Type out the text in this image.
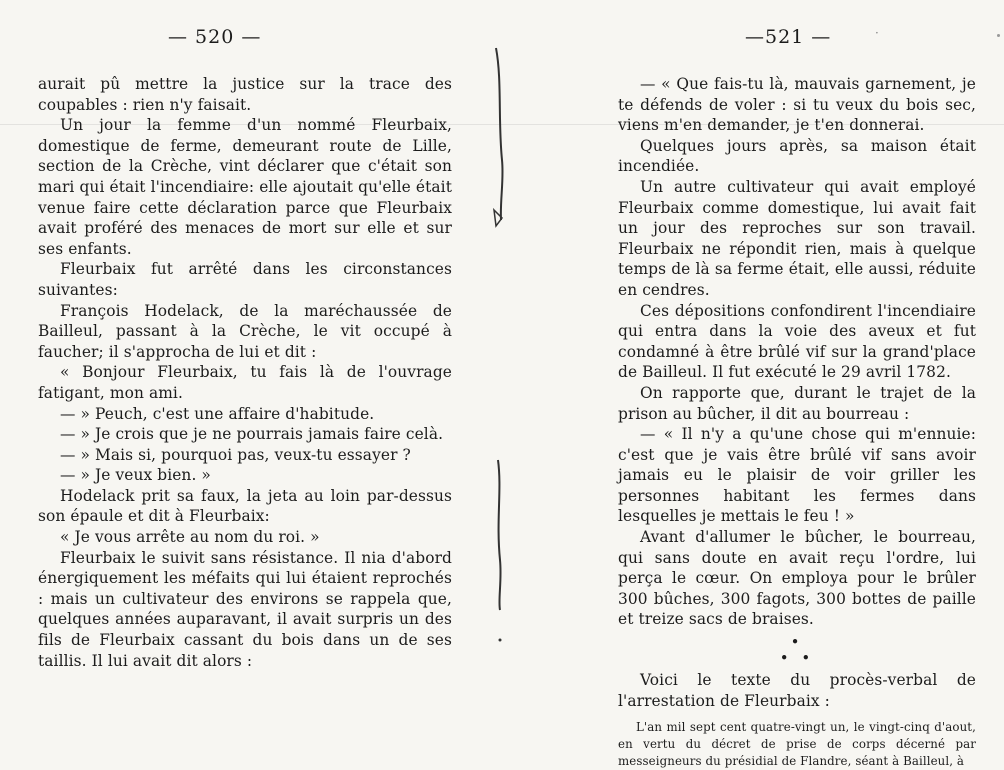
— 520 —

aurait pû mettre la justice sur la trace des coupables : rien n'y faisait.

Un jour la femme d'un nommé Fleurbaix, domestique de ferme, demeurant route de Lille, section de la Crèche, vint déclarer que c'était son mari qui était l'incendiaire: elle ajoutait qu'elle était venue faire cette déclaration parce que Fleurbaix avait proféré des menaces de mort sur elle et sur ses enfants.

Fleurbaix fut arrêté dans les circonstances suivantes:

François Hodelack, de la maréchaussée de Bailleul, passant à la Crèche, le vit occupé à faucher; il s'approcha de lui et dit :

« Bonjour Fleurbaix, tu fais là de l'ouvrage fatigant, mon ami.

— » Peuch, c'est une affaire d'habitude.

— » Je crois que je ne pourrais jamais faire celà.

— » Mais si, pourquoi pas, veux-tu essayer ?

— » Je veux bien. »

Hodelack prit sa faux, la jeta au loin par-dessus son épaule et dit à Fleurbaix:

« Je vous arrête au nom du roi. »

Fleurbaix le suivit sans résistance. Il nia d'abord énergiquement les méfaits qui lui étaient reprochés : mais un cultivateur des environs se rappela que, quelques années auparavant, il avait surpris un des fils de Fleurbaix cassant du bois dans un de ses taillis. Il lui avait dit alors :

—521 —	·

— « Que fais-tu là, mauvais garnement, je te défends de voler : si tu veux du bois sec, viens m'en demander, je t'en donnerai.

Quelques jours après, sa maison était incendiée.

Un autre cultivateur qui avait employé Fleurbaix comme domestique, lui avait fait un jour des reproches sur son travail. Fleurbaix ne répondit rien, mais à quelque temps de là sa ferme était, elle aussi, réduite en cendres.

Ces dépositions confondirent l'incendiaire qui entra dans la voie des aveux et fut condamné à être brûlé vif sur la grand'place de Bailleul. Il fut exécuté le 29 avril 1782.

On rapporte que, durant le trajet de la prison au bûcher, il dit au bourreau :

— « Il n'y a qu'une chose qui m'ennuie: c'est que je vais être brûlé vif sans avoir jamais eu le plaisir de voir griller les personnes habitant les fermes dans lesquelles je mettais le feu ! »

Avant d'allumer le bûcher, le bourreau, qui sans doute en avait reçu l'ordre, lui perça le cœur. On employa pour le brûler 300 bûches, 300 fagots, 300 bottes de paille et treize sacs de braises.

•
• •

Voici le texte du procès-verbal de l'arrestation de Fleurbaix :

L'an mil sept cent quatre-vingt un, le vingt-cinq d'aout, en vertu du décret de prise de corps décerné par messeigneurs du présidial de Flandre, séant à Bailleul, à
